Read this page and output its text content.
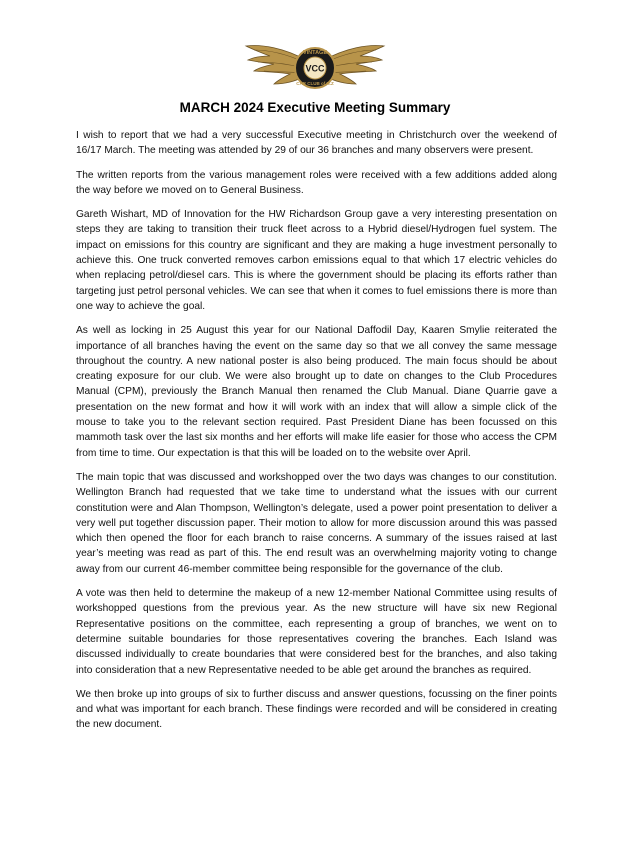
VINTAGE
VCC
CAR CLUB of N.Z
MARCH 2024 Executive Meeting Summary

I wish to report that we had a very successful Executive meeting in Christchurch over the weekend of 16/17 March. The meeting was attended by 29 of our 36 branches and many observers were present.

The written reports from the various management roles were received with a few additions added along the way before we moved on to General Business.

Gareth Wishart, MD of Innovation for the HW Richardson Group gave a very interesting presentation on steps they are taking to transition their truck fleet across to a Hybrid diesel/Hydrogen fuel system. The impact on emissions for this country are significant and they are making a huge investment personally to achieve this. One truck converted removes carbon emissions equal to that which 17 electric vehicles do when replacing petrol/diesel cars. This is where the government should be placing its efforts rather than targeting just petrol personal vehicles. We can see that when it comes to fuel emissions there is more than one way to achieve the goal.

As well as locking in 25 August this year for our National Daffodil Day, Kaaren Smylie reiterated the importance of all branches having the event on the same day so that we all convey the same message throughout the country. A new national poster is also being produced. The main focus should be about creating exposure for our club. We were also brought up to date on changes to the Club Procedures Manual (CPM), previously the Branch Manual then renamed the Club Manual. Diane Quarrie gave a presentation on the new format and how it will work with an index that will allow a simple click of the mouse to take you to the relevant section required. Past President Diane has been focussed on this mammoth task over the last six months and her efforts will make life easier for those who access the CPM from time to time. Our expectation is that this will be loaded on to the website over April.

The main topic that was discussed and workshopped over the two days was changes to our constitution. Wellington Branch had requested that we take time to understand what the issues with our current constitution were and Alan Thompson, Wellington’s delegate, used a power point presentation to deliver a very well put together discussion paper. Their motion to allow for more discussion around this was passed which then opened the floor for each branch to raise concerns. A summary of the issues raised at last year’s meeting was read as part of this. The end result was an overwhelming majority voting to change away from our current 46-member committee being responsible for the governance of the club.

A vote was then held to determine the makeup of a new 12-member National Committee using results of workshopped questions from the previous year. As the new structure will have six new Regional Representative positions on the committee, each representing a group of branches, we went on to determine suitable boundaries for those representatives covering the branches. Each Island was discussed individually to create boundaries that were considered best for the branches, and also taking into consideration that a new Representative needed to be able get around the branches as required.

We then broke up into groups of six to further discuss and answer questions, focussing on the finer points and what was important for each branch. These findings were recorded and will be considered in creating the new document.
